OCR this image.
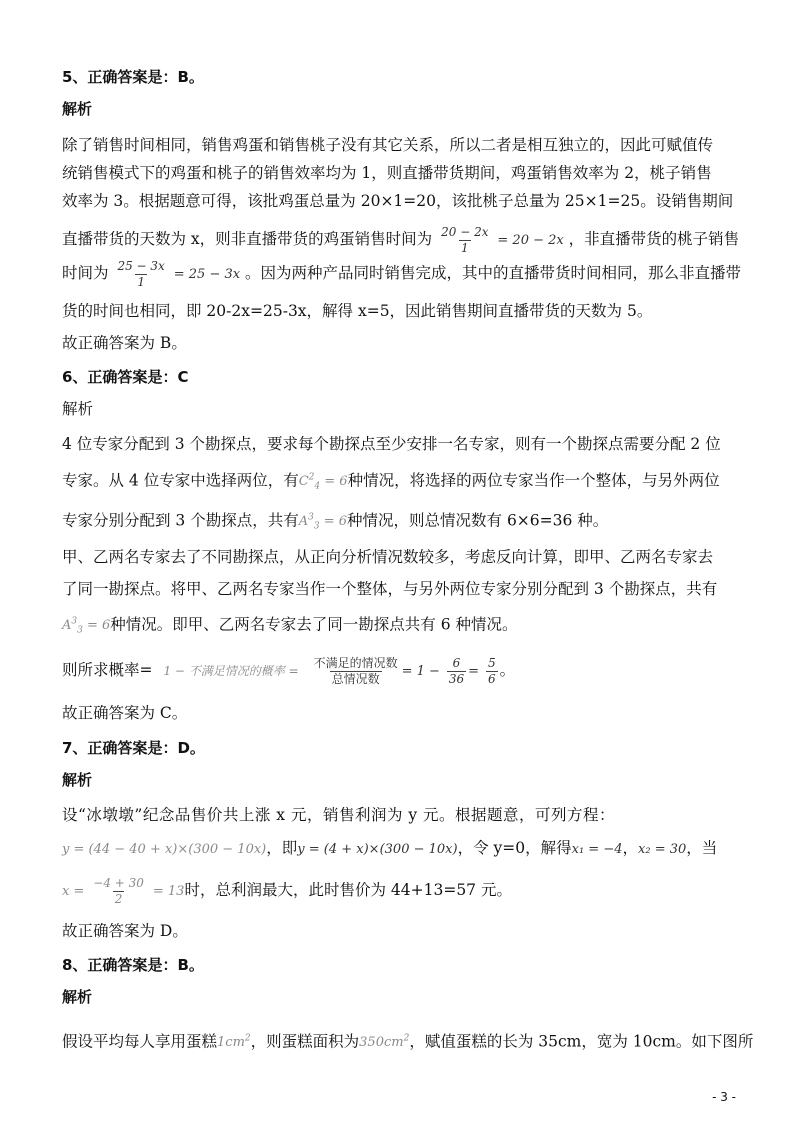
5、正确答案是：B。
解析
除了销售时间相同，销售鸡蛋和销售桃子没有其它关系，所以二者是相互独立的，因此可赋值传
统销售模式下的鸡蛋和桃子的销售效率均为 1，则直播带货期间，鸡蛋销售效率为 2，桃子销售
效率为 3。根据题意可得，该批鸡蛋总量为 20×1=20，该批桃子总量为 25×1=25。设销售期间
直播带货的天数为 x，则非直播带货的鸡蛋销售时间为 $\frac{20 - 2x}{1} = 20 - 2x$ ，非直播带货的桃子销售
时间为 $\frac{25 - 3x}{1} = 25 - 3x$ 。因为两种产品同时销售完成，其中的直播带货时间相同，那么非直播带
货的时间也相同，即 20-2x=25-3x，解得 x=5，因此销售期间直播带货的天数为 5。
故正确答案为 B。
6、正确答案是：C
解析
4 位专家分配到 3 个勘探点，要求每个勘探点至少安排一名专家，则有一个勘探点需要分配 2 位
专家。从 4 位专家中选择两位，有$C^2_4 = 6$种情况，将选择的两位专家当作一个整体，与另外两位
专家分别分配到 3 个勘探点，共有$A^3_3 = 6$种情况，则总情况数有 6×6=36 种。
甲、乙两名专家去了不同勘探点，从正向分析情况数较多，考虑反向计算，即甲、乙两名专家去
了同一勘探点。将甲、乙两名专家当作一个整体，与另外两位专家分别分配到 3 个勘探点，共有
$A^3_3 = 6$种情况。即甲、乙两名专家去了同一勘探点共有 6 种情况。
则所求概率= 1 − 不满足情况的概率 = $\frac{\text{不满足的情况数}}{\text{总情况数}} = 1 - \frac{6}{36} = \frac{5}{6}$ 。
故正确答案为 C。
7、正确答案是：D。
解析
设“冰墩墩”纪念品售价共上涨 x 元，销售利润为 y 元。根据题意，可列方程：
y = (44 − 40 + x)×(300 − 10x)，即y = (4 + x)×(300 − 10x)，令 y=0，解得x₁ = −4，x₂ = 30，当
$x = \frac{-4 + 30}{2} = 13$时，总利润最大，此时售价为 44+13=57 元。
故正确答案为 D。
8、正确答案是：B。
解析
假设平均每人享用蛋糕$1cm^2$，则蛋糕面积为$350cm^2$，赋值蛋糕的长为 35cm，宽为 10cm。如下图所
- 3 -
